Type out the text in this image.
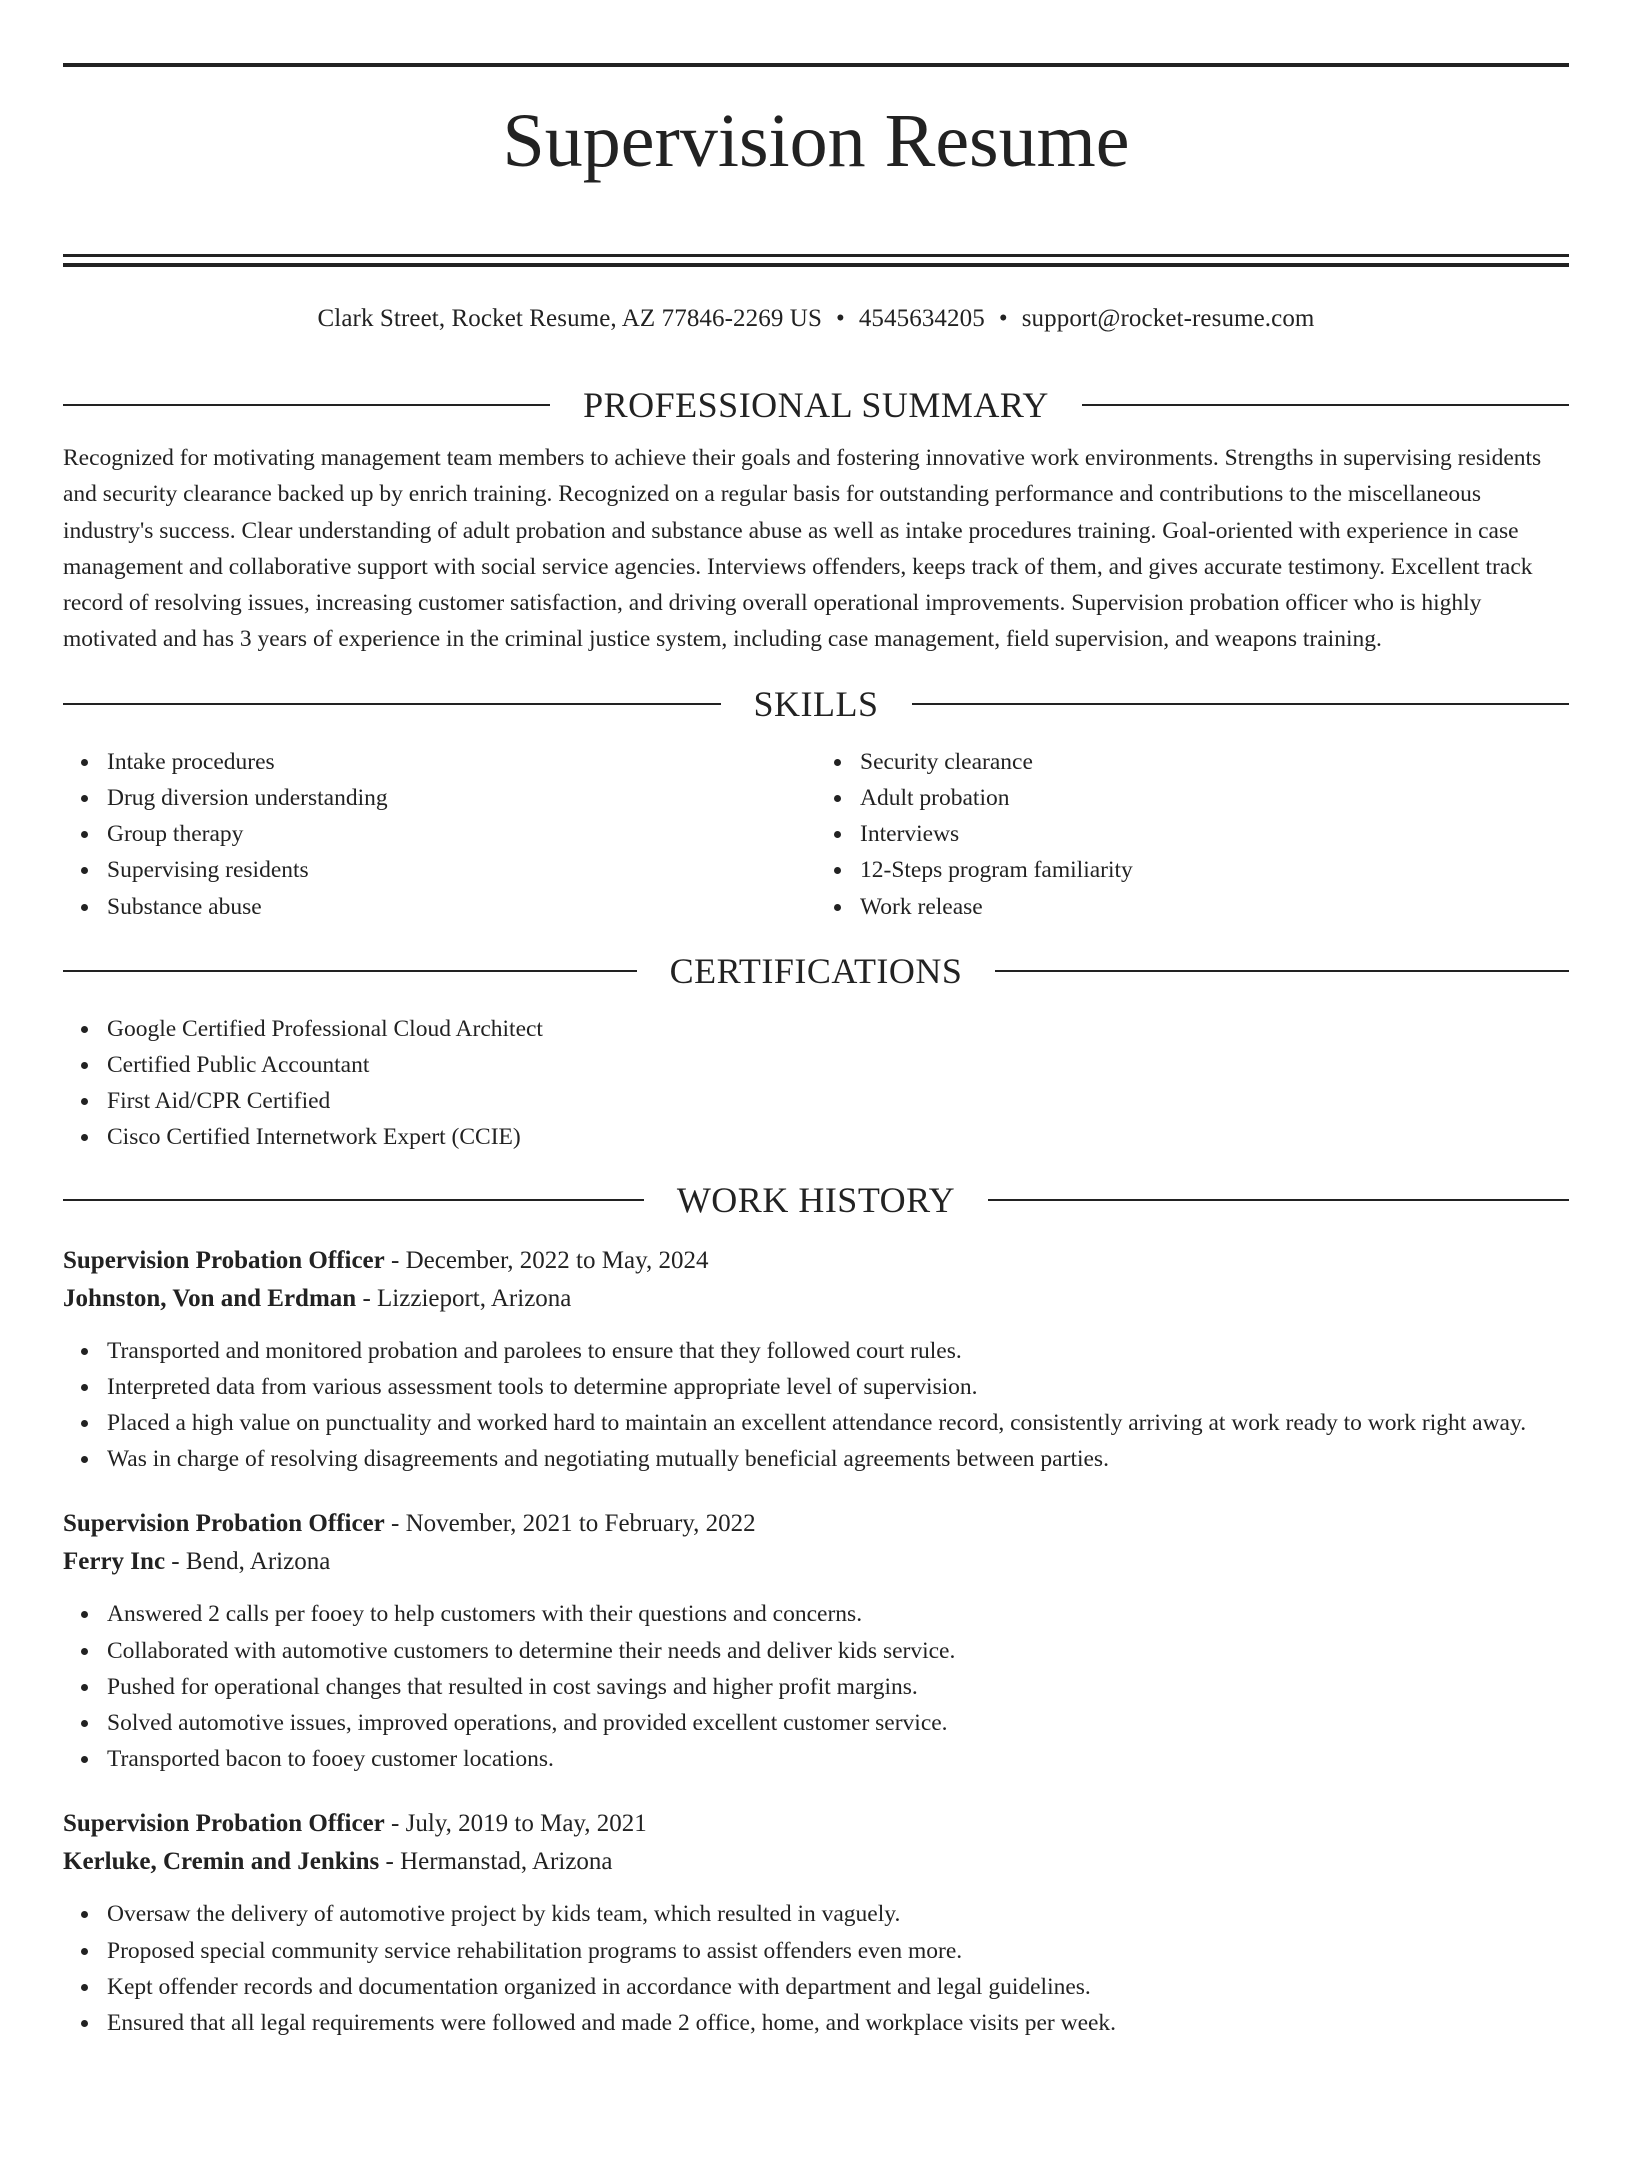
Supervision Resume
Clark Street, Rocket Resume, AZ 77846-2269 US • 4545634205 • support@rocket-resume.com
PROFESSIONAL SUMMARY
Recognized for motivating management team members to achieve their goals and fostering innovative work environments. Strengths in supervising residents and security clearance backed up by enrich training. Recognized on a regular basis for outstanding performance and contributions to the miscellaneous industry's success. Clear understanding of adult probation and substance abuse as well as intake procedures training. Goal-oriented with experience in case management and collaborative support with social service agencies. Interviews offenders, keeps track of them, and gives accurate testimony. Excellent track record of resolving issues, increasing customer satisfaction, and driving overall operational improvements. Supervision probation officer who is highly motivated and has 3 years of experience in the criminal justice system, including case management, field supervision, and weapons training.
SKILLS
Intake procedures
Drug diversion understanding
Group therapy
Supervising residents
Substance abuse
Security clearance
Adult probation
Interviews
12-Steps program familiarity
Work release
CERTIFICATIONS
Google Certified Professional Cloud Architect
Certified Public Accountant
First Aid/CPR Certified
Cisco Certified Internetwork Expert (CCIE)
WORK HISTORY
Supervision Probation Officer - December, 2022 to May, 2024
Johnston, Von and Erdman - Lizzieport, Arizona
Transported and monitored probation and parolees to ensure that they followed court rules.
Interpreted data from various assessment tools to determine appropriate level of supervision.
Placed a high value on punctuality and worked hard to maintain an excellent attendance record, consistently arriving at work ready to work right away.
Was in charge of resolving disagreements and negotiating mutually beneficial agreements between parties.
Supervision Probation Officer - November, 2021 to February, 2022
Ferry Inc - Bend, Arizona
Answered 2 calls per fooey to help customers with their questions and concerns.
Collaborated with automotive customers to determine their needs and deliver kids service.
Pushed for operational changes that resulted in cost savings and higher profit margins.
Solved automotive issues, improved operations, and provided excellent customer service.
Transported bacon to fooey customer locations.
Supervision Probation Officer - July, 2019 to May, 2021
Kerluke, Cremin and Jenkins - Hermanstad, Arizona
Oversaw the delivery of automotive project by kids team, which resulted in vaguely.
Proposed special community service rehabilitation programs to assist offenders even more.
Kept offender records and documentation organized in accordance with department and legal guidelines.
Ensured that all legal requirements were followed and made 2 office, home, and workplace visits per week.
